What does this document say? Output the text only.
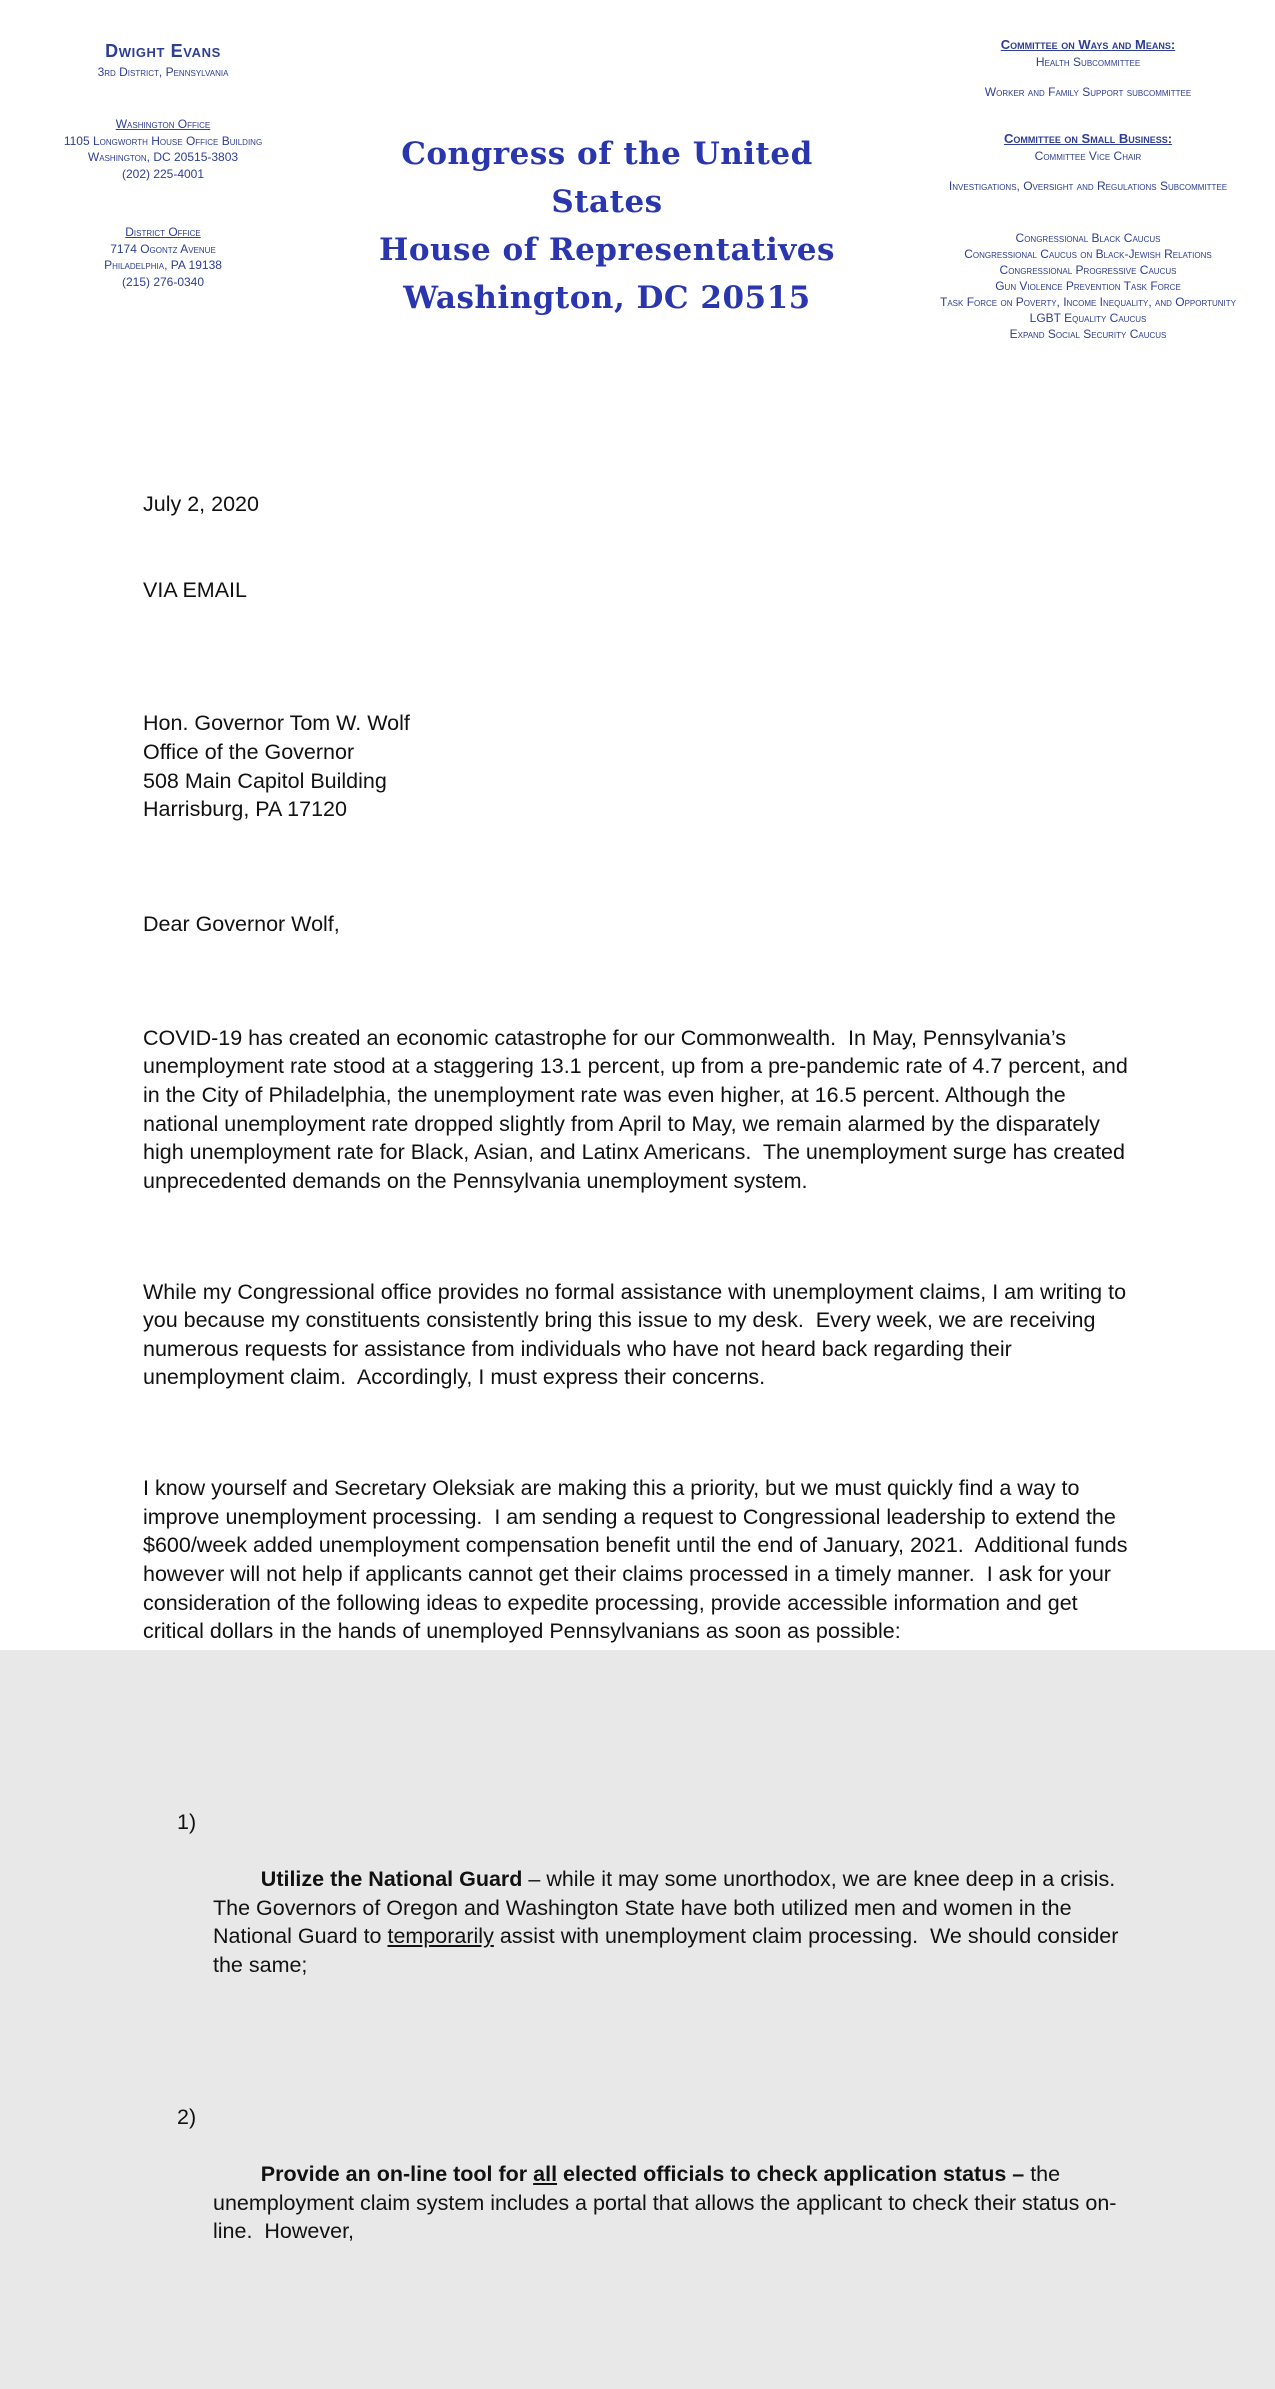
Dwight Evans
3rd District, Pennsylvania
Washington Office
1105 Longworth House Office Building
Washington, DC 20515-3803
(202) 225-4001
District Office
7174 Ogontz Avenue
Philadelphia, PA 19138
(215) 276-0340
Congress of the United States
House of Representatives
Washington, DC 20515
Committee on Ways and Means:
Health Subcommittee
Worker and Family Support subcommittee
Committee on Small Business:
Committee Vice Chair
Investigations, Oversight and Regulations Subcommittee
Congressional Black Caucus
Congressional Caucus on Black-Jewish Relations
Congressional Progressive Caucus
Gun Violence Prevention Task Force
Task Force on Poverty, Income Inequality, and Opportunity
LGBT Equality Caucus
Expand Social Security Caucus

July 2, 2020

VIA EMAIL

Hon. Governor Tom W. Wolf
Office of the Governor
508 Main Capitol Building
Harrisburg, PA 17120

Dear Governor Wolf,

COVID-19 has created an economic catastrophe for our Commonwealth.  In May, Pennsylvania’s unemployment rate stood at a staggering 13.1 percent, up from a pre-pandemic rate of 4.7 percent, and in the City of Philadelphia, the unemployment rate was even higher, at 16.5 percent. Although the national unemployment rate dropped slightly from April to May, we remain alarmed by the disparately high unemployment rate for Black, Asian, and Latinx Americans.  The unemployment surge has created unprecedented demands on the Pennsylvania unemployment system.

While my Congressional office provides no formal assistance with unemployment claims, I am writing to you because my constituents consistently bring this issue to my desk.  Every week, we are receiving numerous requests for assistance from individuals who have not heard back regarding their unemployment claim.  Accordingly, I must express their concerns.

I know yourself and Secretary Oleksiak are making this a priority, but we must quickly find a way to improve unemployment processing.  I am sending a request to Congressional leadership to extend the $600/week added unemployment compensation benefit until the end of January, 2021.  Additional funds however will not help if applicants cannot get their claims processed in a timely manner.  I ask for your consideration of the following ideas to expedite processing, provide accessible information and get critical dollars in the hands of unemployed Pennsylvanians as soon as possible:

1)

Utilize the National Guard – while it may some unorthodox, we are knee deep in a crisis.  The Governors of Oregon and Washington State have both utilized men and women in the National Guard to temporarily assist with unemployment claim processing.  We should consider the same;

2)

Provide an on-line tool for all elected officials to check application status – the unemployment claim system includes a portal that allows the applicant to check their status on-line.  However,
